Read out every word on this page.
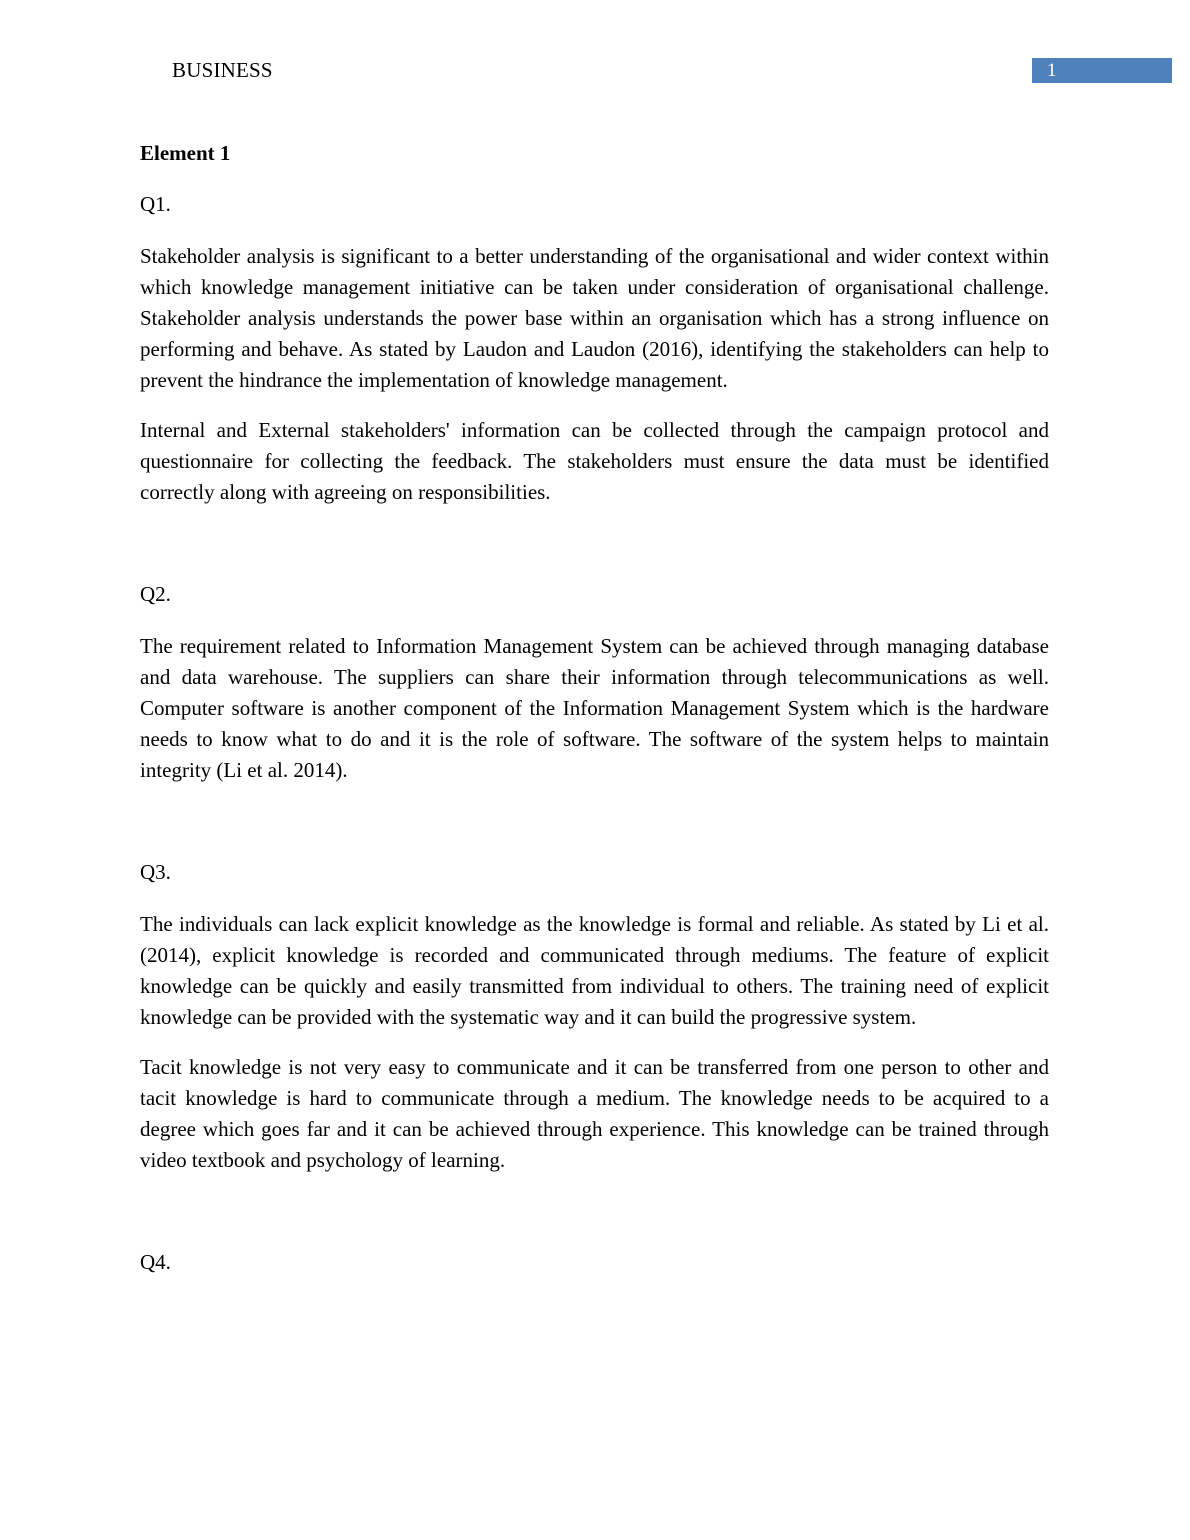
BUSINESS	1
Element 1
Q1.

Stakeholder analysis is significant to a better understanding of the organisational and wider context within which knowledge management initiative can be taken under consideration of organisational challenge. Stakeholder analysis understands the power base within an organisation which has a strong influence on performing and behave. As stated by Laudon and Laudon (2016), identifying the stakeholders can help to prevent the hindrance the implementation of knowledge management.

Internal and External stakeholders' information can be collected through the campaign protocol and questionnaire for collecting the feedback. The stakeholders must ensure the data must be identified correctly along with agreeing on responsibilities.

Q2.

The requirement related to Information Management System can be achieved through managing database and data warehouse. The suppliers can share their information through telecommunications as well. Computer software is another component of the Information Management System which is the hardware needs to know what to do and it is the role of software. The software of the system helps to maintain integrity (Li et al. 2014).

Q3.

The individuals can lack explicit knowledge as the knowledge is formal and reliable. As stated by Li et al. (2014), explicit knowledge is recorded and communicated through mediums. The feature of explicit knowledge can be quickly and easily transmitted from individual to others. The training need of explicit knowledge can be provided with the systematic way and it can build the progressive system.

Tacit knowledge is not very easy to communicate and it can be transferred from one person to other and tacit knowledge is hard to communicate through a medium. The knowledge needs to be acquired to a degree which goes far and it can be achieved through experience. This knowledge can be trained through video textbook and psychology of learning.

Q4.
